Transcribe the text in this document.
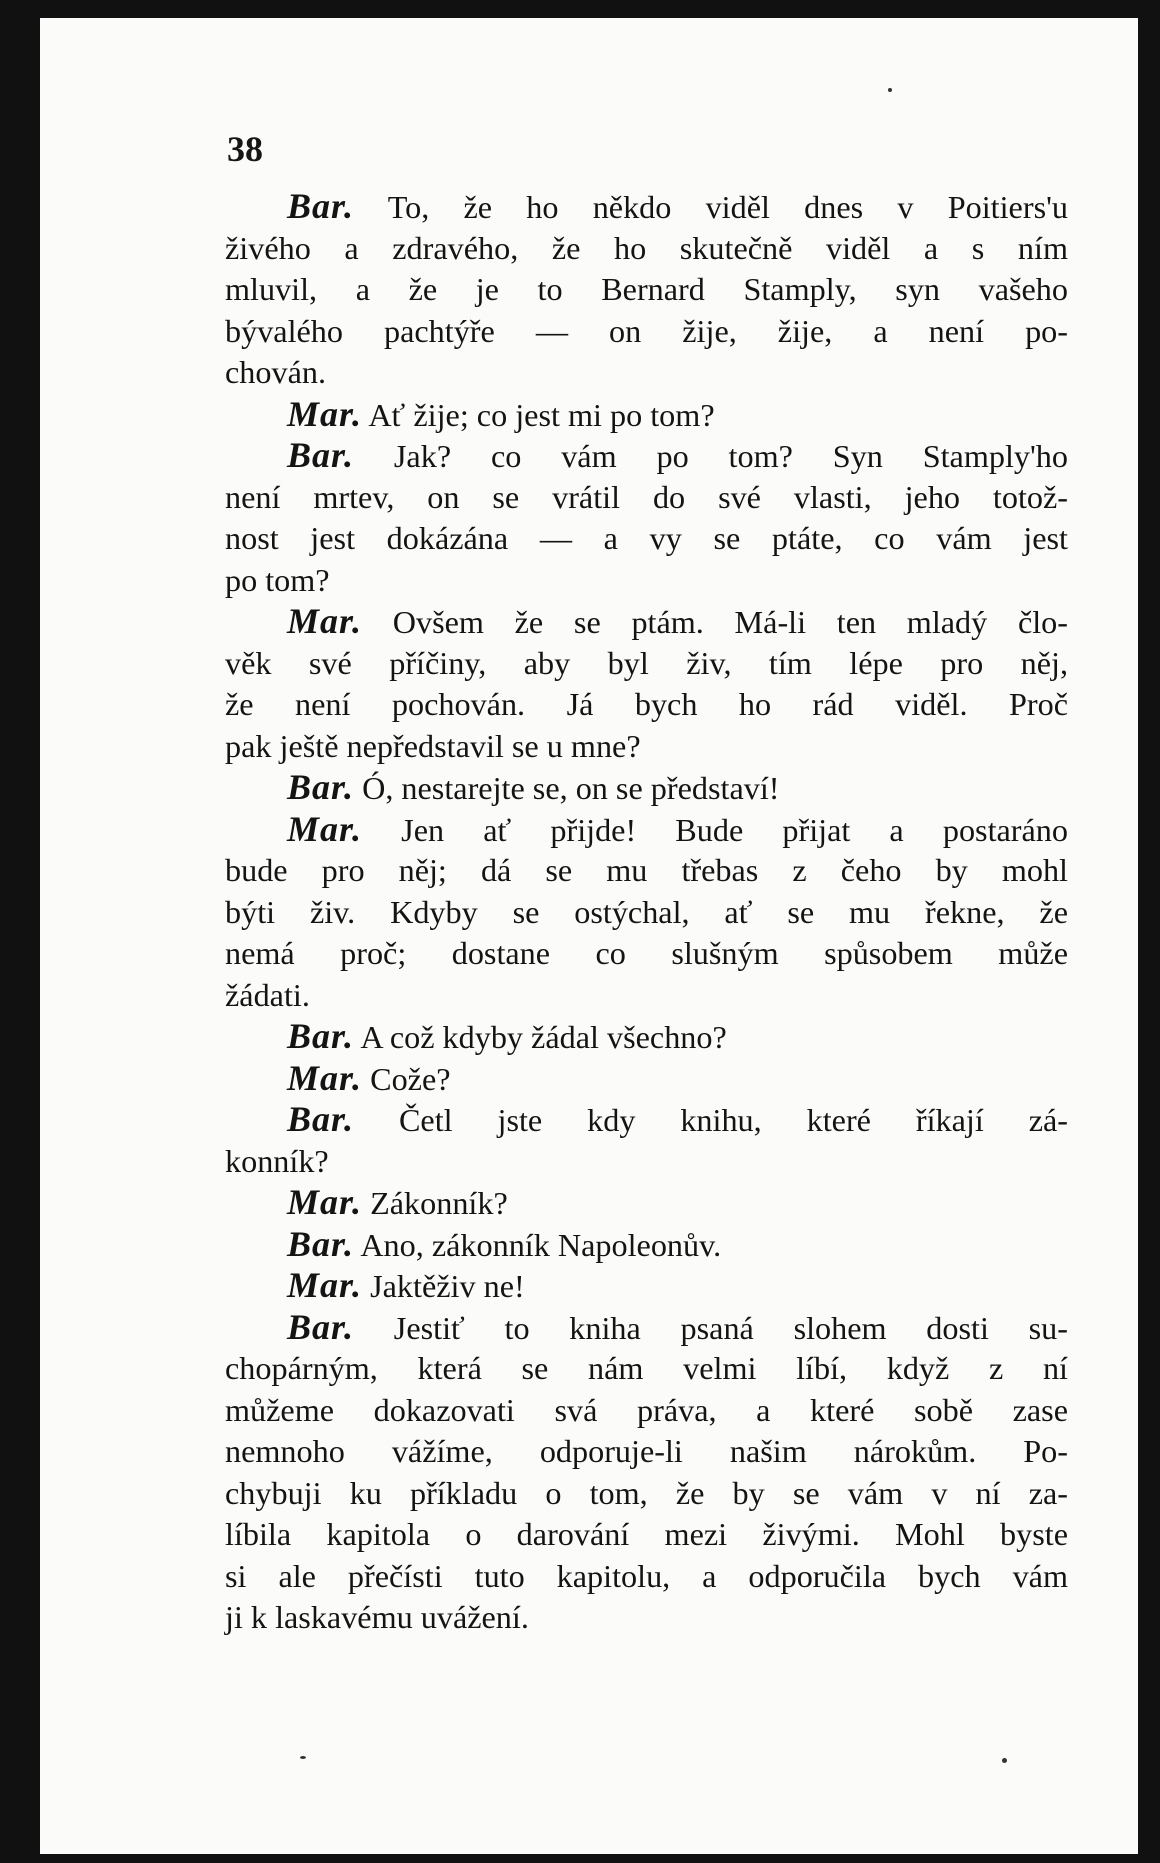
38
Bar. To, že ho někdo viděl dnes v Poitiers'u
živého a zdravého, že ho skutečně viděl a s ním
mluvil, a že je to Bernard Stamply, syn vašeho
bývalého pachtýře — on žije, žije, a není po-
chován.
Mar. Ať žije; co jest mi po tom?
Bar. Jak? co vám po tom? Syn Stamply'ho
není mrtev, on se vrátil do své vlasti, jeho totož-
nost jest dokázána — a vy se ptáte, co vám jest
po tom?
Mar. Ovšem že se ptám. Má-li ten mladý člo-
věk své příčiny, aby byl živ, tím lépe pro něj,
že není pochován. Já bych ho rád viděl. Proč
pak ještě nepředstavil se u mne?
Bar. Ó, nestarejte se, on se představí!
Mar. Jen ať přijde! Bude přijat a postaráno
bude pro něj; dá se mu třebas z čeho by mohl
býti živ. Kdyby se ostýchal, ať se mu řekne, že
nemá proč; dostane co slušným spůsobem může
žádati.
Bar. A což kdyby žádal všechno?
Mar. Cože?
Bar. Četl jste kdy knihu, které říkají zá-
konník?
Mar. Zákonník?
Bar. Ano, zákonník Napoleonův.
Mar. Jaktěživ ne!
Bar. Jestiť to kniha psaná slohem dosti su-
chopárným, která se nám velmi líbí, když z ní
můžeme dokazovati svá práva, a které sobě zase
nemnoho vážíme, odporuje-li našim nárokům. Po-
chybuji ku příkladu o tom, že by se vám v ní za-
líbila kapitola o darování mezi živými. Mohl byste
si ale přečísti tuto kapitolu, a odporučila bych vám
ji k laskavému uvážení.
